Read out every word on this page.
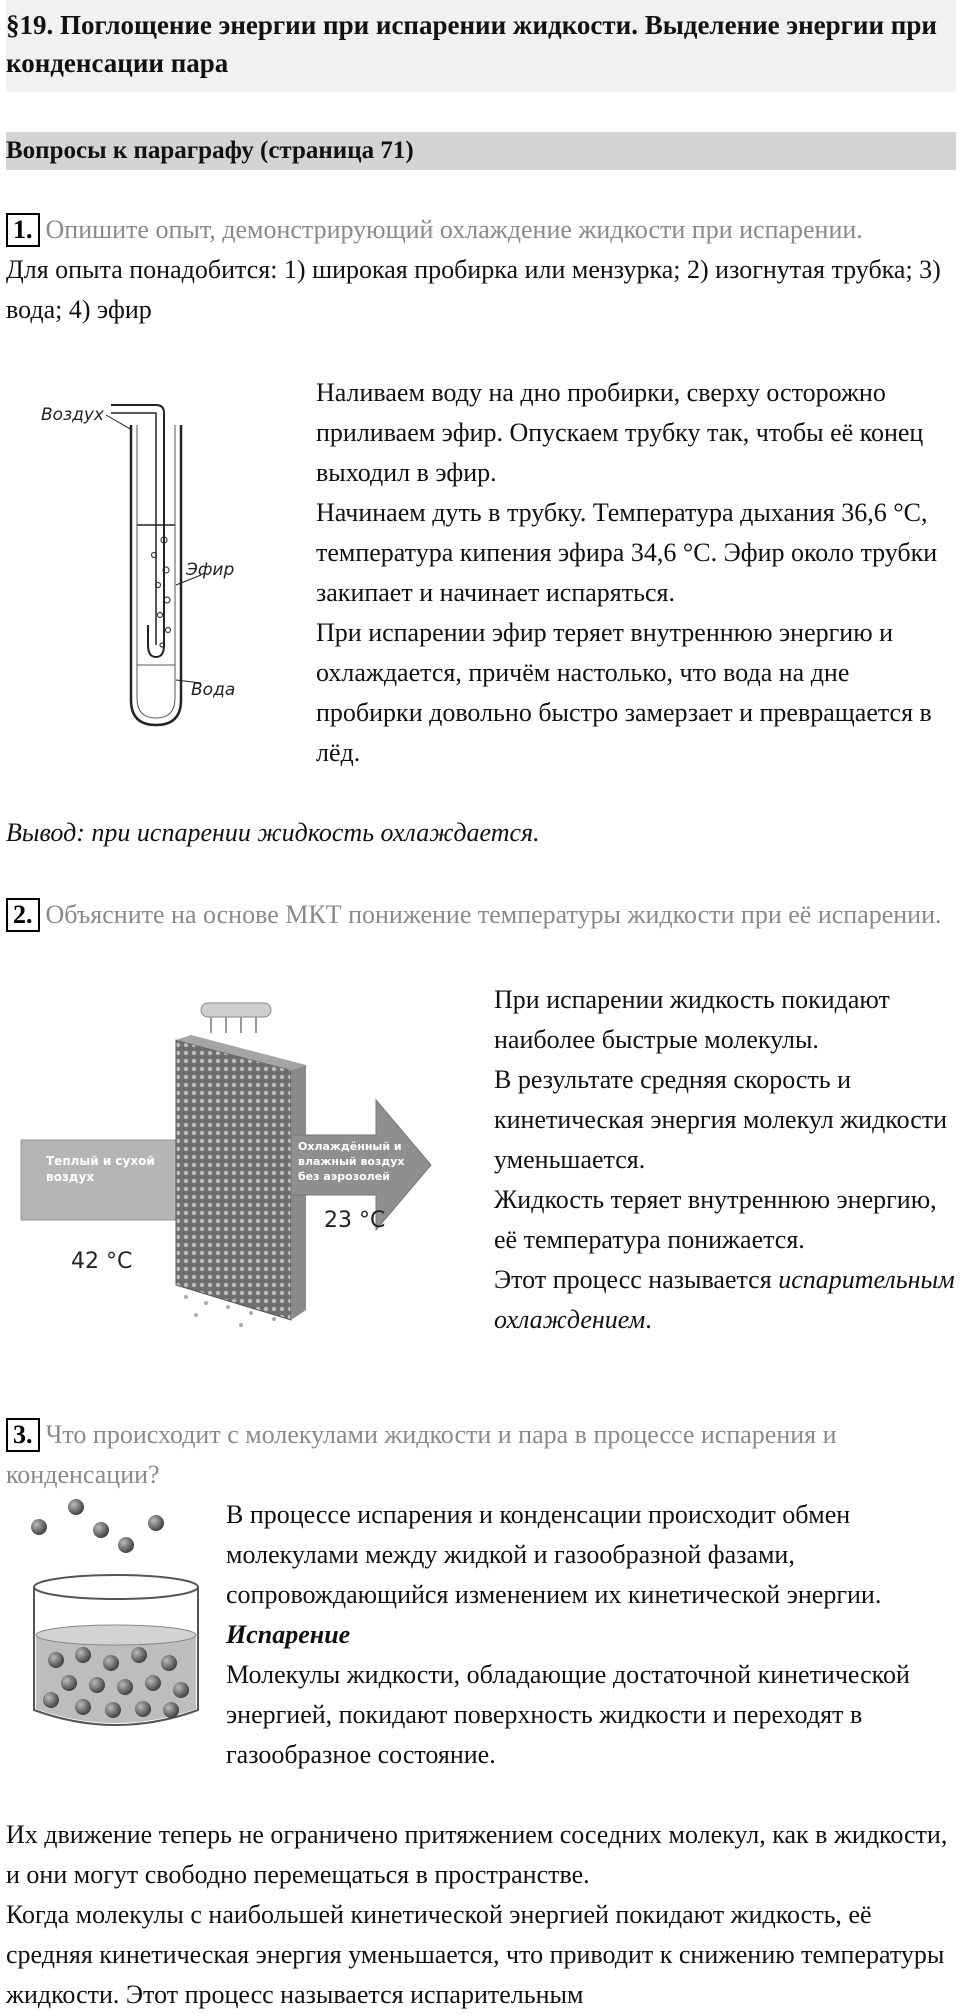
§19. Поглощение энергии при испарении жидкости. Выделение энергии при конденсации пара
Вопросы к параграфу (страница 71)
1. Опишите опыт, демонстрирующий охлаждение жидкости при испарении.
Для опыта понадобится: 1) широкая пробирка или мензурка; 2) изогнутая трубка; 3) вода; 4) эфир
Воздух
Эфир
Вода
Наливаем воду на дно пробирки, сверху осторожно приливаем эфир. Опускаем трубку так, чтобы её конец выходил в эфир.
Начинаем дуть в трубку. Температура дыхания 36,6 °C, температура кипения эфира 34,6 °C. Эфир около трубки закипает и начинает испаряться.
При испарении эфир теряет внутреннюю энергию и охлаждается, причём настолько, что вода на дне пробирки довольно быстро замерзает и превращается в лёд.
Вывод: при испарении жидкость охлаждается.
2. Объясните на основе МКТ понижение температуры жидкости при её испарении.
Теплый и сухой
воздух
Охлаждённый и
влажный воздух
без аэрозолей
42 °C
23 °C
При испарении жидкость покидают наиболее быстрые молекулы.
В результате средняя скорость и кинетическая энергия молекул жидкости уменьшается.
Жидкость теряет внутреннюю энергию, её температура понижается.
Этот процесс называется испарительным охлаждением.
3. Что происходит с молекулами жидкости и пара в процессе испарения и конденсации?
В процессе испарения и конденсации происходит обмен молекулами между жидкой и газообразной фазами, сопровождающийся изменением их кинетической энергии.
Испарение
Молекулы жидкости, обладающие достаточной кинетической энергией, покидают поверхность жидкости и переходят в газообразное состояние.
Их движение теперь не ограничено притяжением соседних молекул, как в жидкости, и они могут свободно перемещаться в пространстве.
Когда молекулы с наибольшей кинетической энергией покидают жидкость, её средняя кинетическая энергия уменьшается, что приводит к снижению температуры жидкости. Этот процесс называется испарительным
